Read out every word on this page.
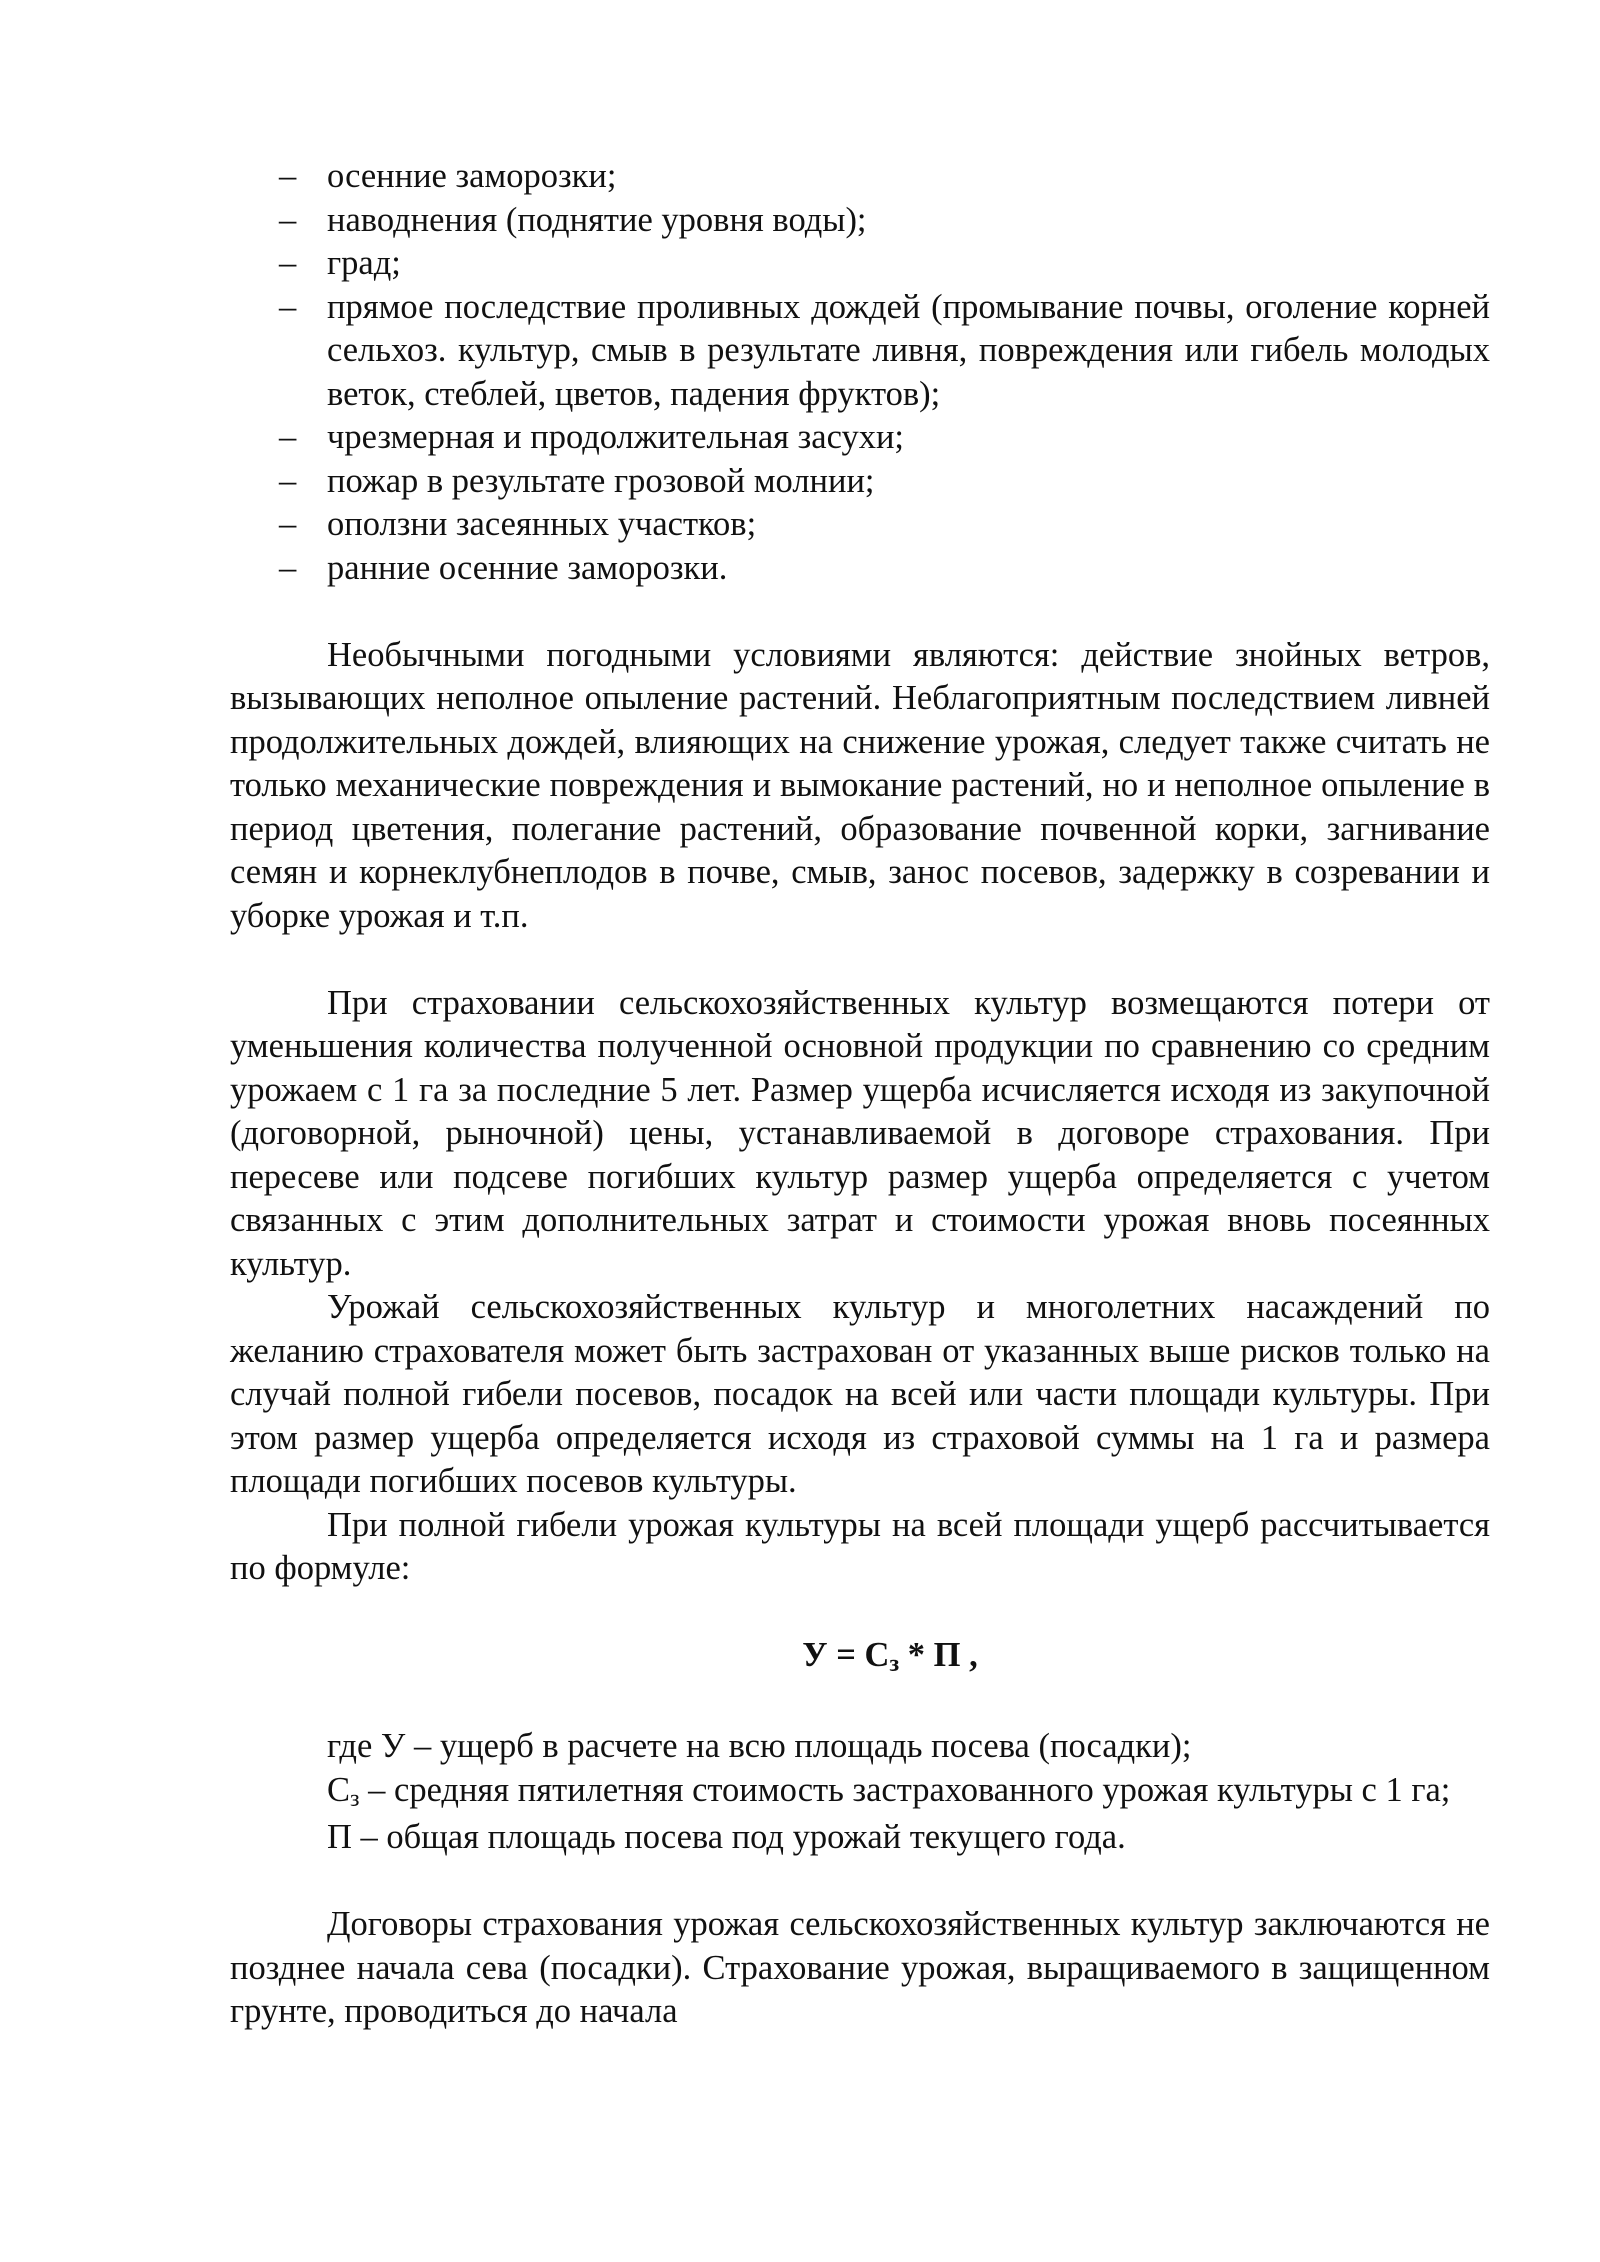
– осенние заморозки;
– наводнения (поднятие уровня воды);
– град;
– прямое последствие проливных дождей (промывание почвы, оголение корней сельхоз. культур, смыв в результате ливня, повреждения или гибель молодых веток, стеблей, цветов, падения фруктов);
– чрезмерная и продолжительная засухи;
– пожар в результате грозовой молнии;
– оползни засеянных участков;
– ранние осенние заморозки.

Необычными погодными условиями являются: действие знойных ветров, вызывающих неполное опыление растений. Неблагоприятным последствием ливней продолжительных дождей, влияющих на снижение урожая, следует также считать не только механические повреждения и вымокание растений, но и неполное опыление в период цветения, полегание растений, образование почвенной корки, загнивание семян и корнеклубнеплодов в почве, смыв, занос посевов, задержку в созревании и уборке урожая и т.п.

При страховании сельскохозяйственных культур возмещаются потери от уменьшения количества полученной основной продукции по сравнению со средним урожаем с 1 га за последние 5 лет. Размер ущерба исчисляется исходя из закупочной (договорной, рыночной) цены, устанавливаемой в договоре страхования. При пересеве или подсеве погибших культур размер ущерба определяется с учетом связанных с этим дополнительных затрат и стоимости урожая вновь посеянных культур.

Урожай сельскохозяйственных культур и многолетних насаждений по желанию страхователя может быть застрахован от указанных выше рисков только на случай полной гибели посевов, посадок на всей или части площади культуры. При этом размер ущерба определяется исходя из страховой суммы на 1 га и размера площади погибших посевов культуры.

При полной гибели урожая культуры на всей площади ущерб рассчитывается по формуле:

$У = С_з * П$ ,

где У – ущерб в расчете на всю площадь посева (посадки);

$С_з$ – средняя пятилетняя стоимость застрахованного урожая культуры с 1 га;

П – общая площадь посева под урожай текущего года.

Договоры страхования урожая сельскохозяйственных культур заключаются не позднее начала сева (посадки). Страхование урожая, выращиваемого в защищенном грунте, проводиться до начала
